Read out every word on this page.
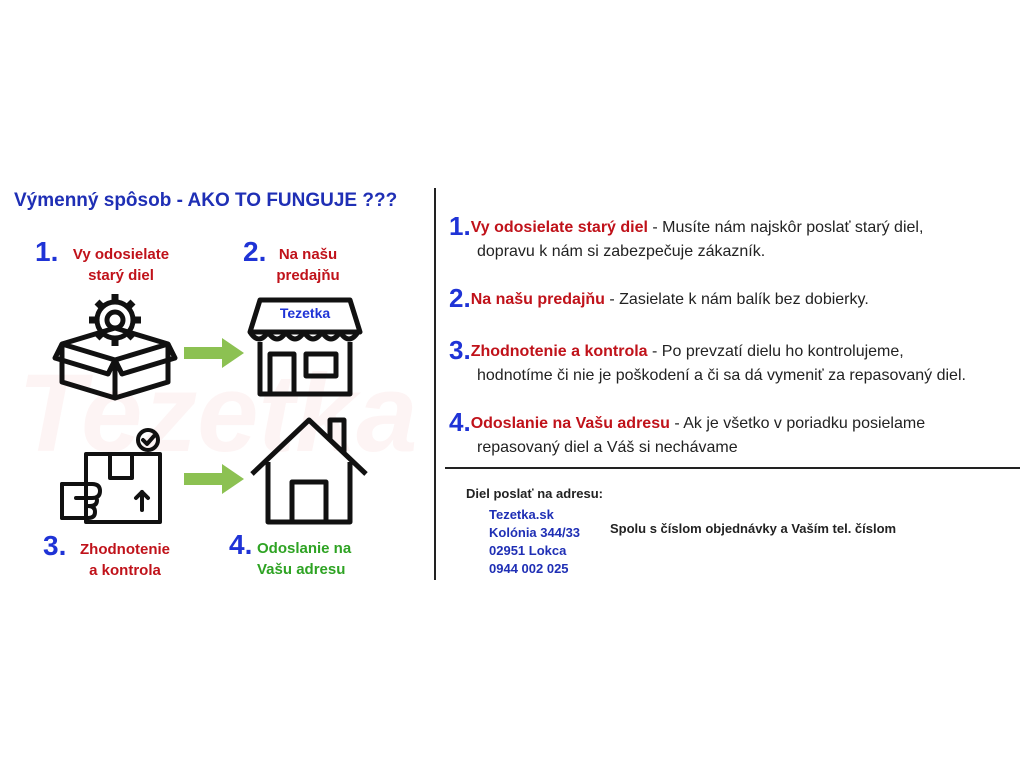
Tezetka
Výmenný spôsob - AKO TO FUNGUJE ???
1. Vy odosielate
starý diel
2. Na našu
predajňu
Tezetka
3. Zhodnotenie
a kontrola
4. Odoslanie na
Vašu adresu
1.Vy odosielate starý diel - Musíte nám najskôr poslať starý diel,
dopravu k nám si zabezpečuje zákazník.
2.Na našu predajňu - Zasielate k nám balík bez dobierky.
3.Zhodnotenie a kontrola - Po prevzatí dielu ho kontrolujeme,
hodnotíme či nie je poškodení a či sa dá vymeniť za repasovaný diel.
4.Odoslanie na Vašu adresu - Ak je všetko v poriadku posielame
repasovaný diel a Váš si nechávame
Diel poslať na adresu:
Tezetka.sk
Kolónia 344/33
02951 Lokca
0944 002 025
Spolu s číslom objednávky a Vaším tel. číslom
